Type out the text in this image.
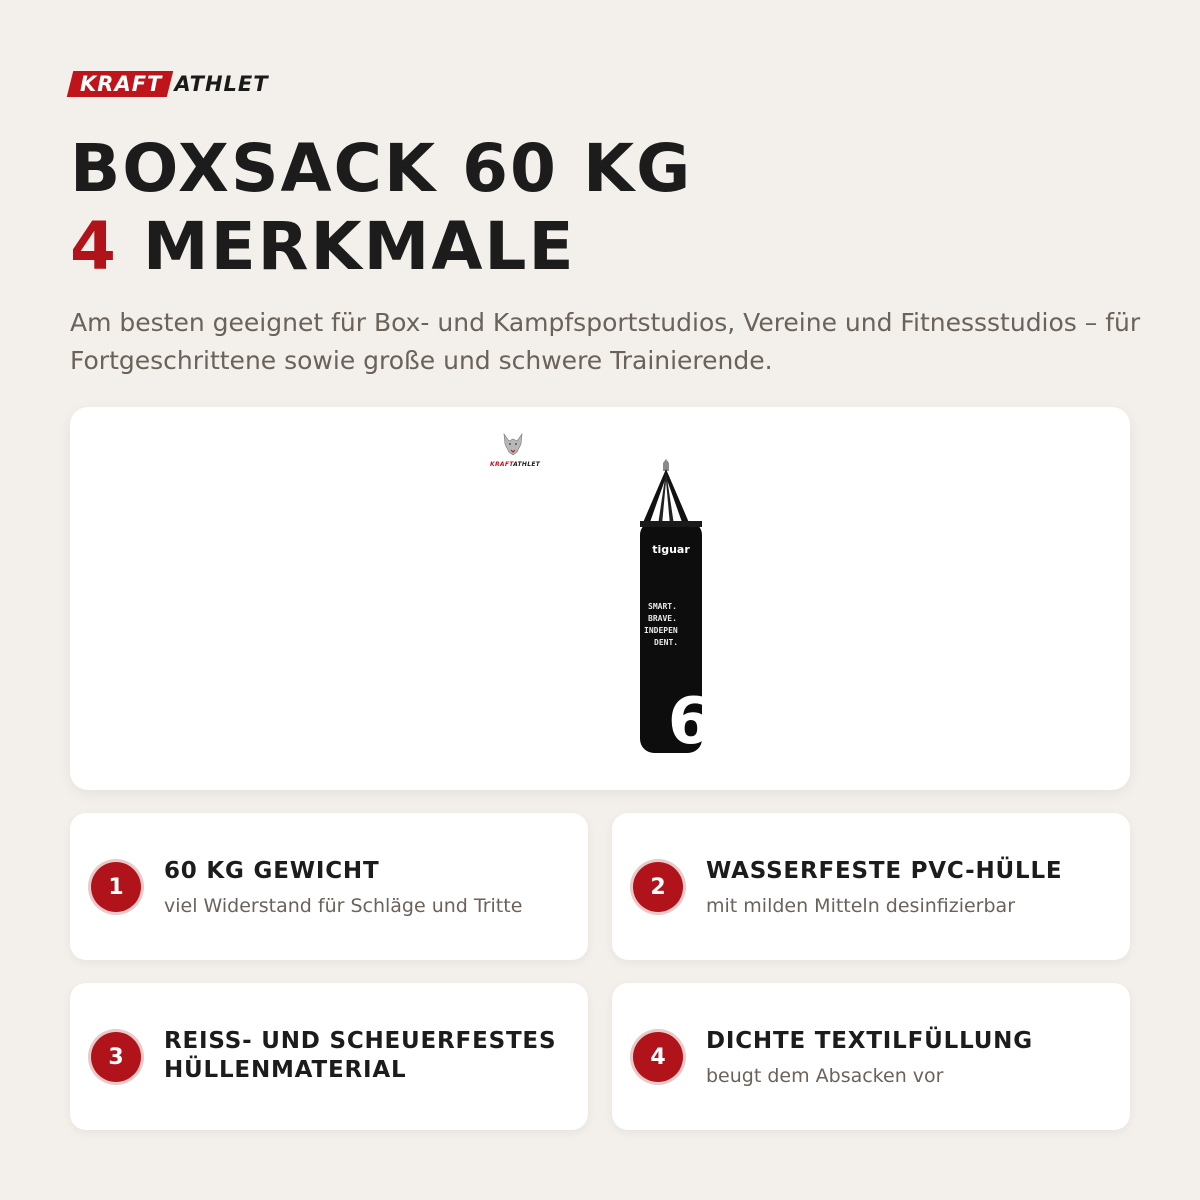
KRAFT ATHLET
BOXSACK 60 KG
4 MERKMALE

Am besten geeignet für Box- und Kampfsportstudios, Vereine und Fitnessstudios – für Fortgeschrittene sowie große und schwere Trainierende.

KRAFTATHLET
tiguar
SMART.
BRAVE.
INDEPEN
DENT.
6
1
60 KG GEWICHT
viel Widerstand für Schläge und Tritte
2
WASSERFESTE PVC-HÜLLE
mit milden Mitteln desinfizierbar
3
REISS- UND SCHEUERFESTES HÜLLENMATERIAL	4
DICHTE TEXTILFÜLLUNG
beugt dem Absacken vor
